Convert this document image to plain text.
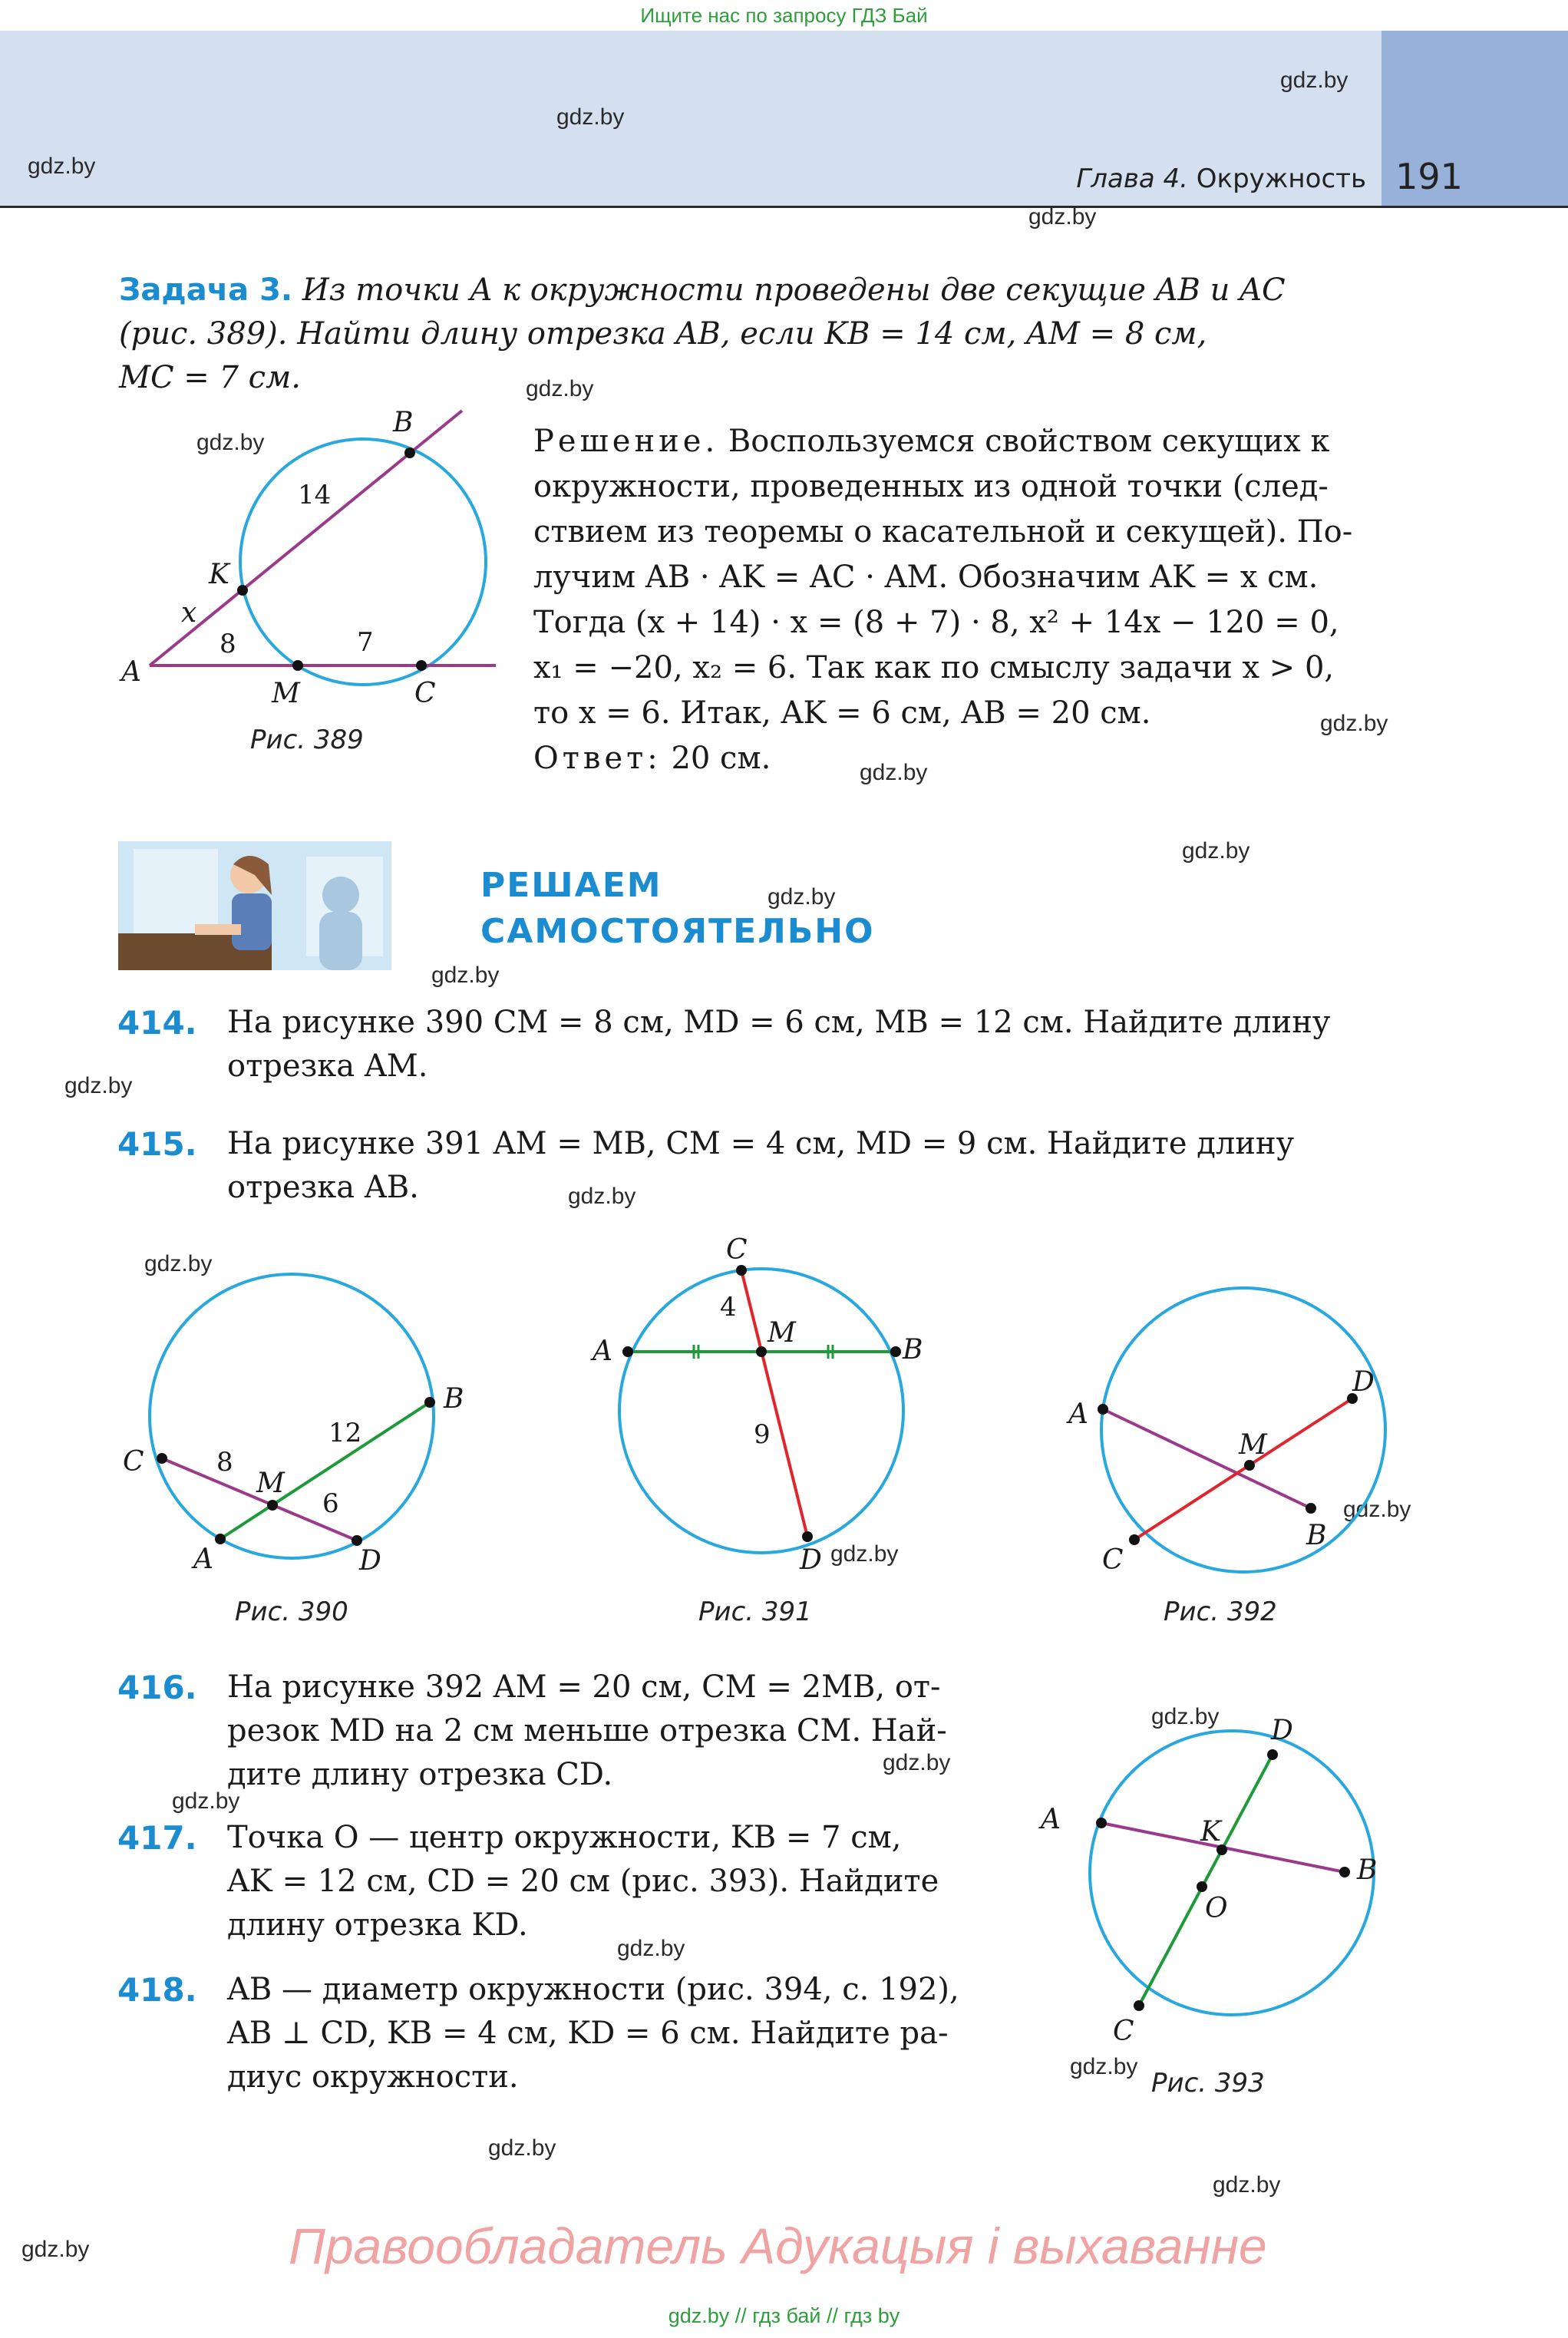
Ищите нас по запросу ГДЗ Бай
Глава 4. Окружность 191
gdz.by
gdz.by
gdz.by
gdz.by
gdz.by
gdz.by
gdz.by
gdz.by
gdz.by
gdz.by
gdz.by
gdz.by
gdz.by
gdz.by
gdz.by
gdz.by
gdz.by
gdz.by
gdz.by
gdz.by
gdz.by
gdz.by
gdz.by
gdz.by
Задача 3. Из точки A к окружности проведены две секущие AB и AC
(рис. 389). Найти длину отрезка AB, если KB = 14 см, AM = 8 см,
MC = 7 см.
A
B
K
M	C
x
14
8	7
Рис. 389
Решение. Воспользуемся свойством секущих к
окружности, проведенных из одной точки (след-
ствием из теоремы о касательной и секущей). По-
лучим AB · AK = AC · AM. Обозначим AK = x см.
Тогда (x + 14) · x = (8 + 7) · 8, x² + 14x − 120 = 0,
x₁ = −20, x₂ = 6. Так как по смыслу задачи x > 0,
то x = 6. Итак, AK = 6 см, AB = 20 см.
Ответ: 20 см.
РЕШАЕМ
САМОСТОЯТЕЛЬНО
414. На рисунке 390 CM = 8 см, MD = 6 см, MB = 12 см. Найдите длину
отрезка AM.
415. На рисунке 391 AM = MB, CM = 4 см, MD = 9 см. Найдите длину
отрезка AB.
A
B
C
D
M
8
12
6
Рис. 390
A	B
C
D
M
4
9
Рис. 391
A
B
C
D
M
Рис. 392
416. На рисунке 392 AM = 20 см, CM = 2MB, от-
резок MD на 2 см меньше отрезка CM. Най-
дите длину отрезка CD.
417. Точка O — центр окружности, KB = 7 см,
AK = 12 см, CD = 20 см (рис. 393). Найдите
длину отрезка KD.
418. AB — диаметр окружности (рис. 394, с. 192),
AB ⊥ CD, KB = 4 см, KD = 6 см. Найдите ра-
диус окружности.
A
B
C
D
K
O
Рис. 393
Правообладатель Адукацыя і выхаванне
gdz.by // гдз бай // гдз by
